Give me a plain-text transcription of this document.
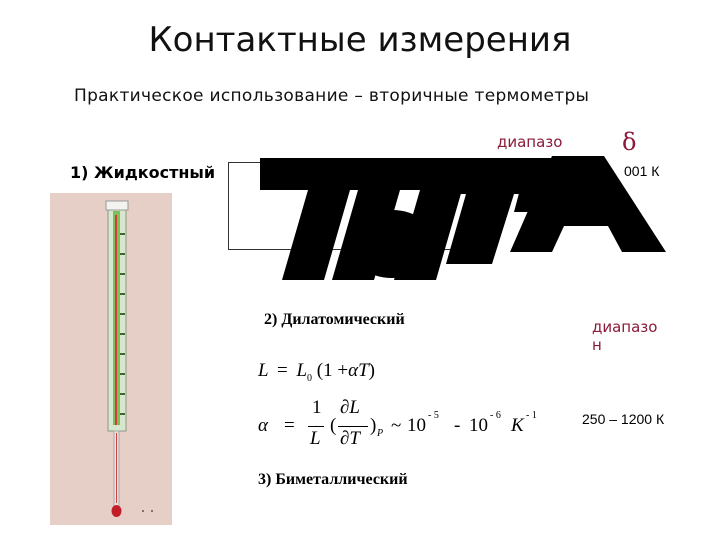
Контактные измерения
Практическое использование – вторичные термометры
диапазо δ
1) Жидкостный	001 К
2) Дилатомический	диапазо
н
$L = L_0$ (1 +αT)
α =
1
L
(
∂L
∂T
) P ~ 10 - 5 - 10 - 6 K - 1	250 – 1200 К
3) Биметаллический
